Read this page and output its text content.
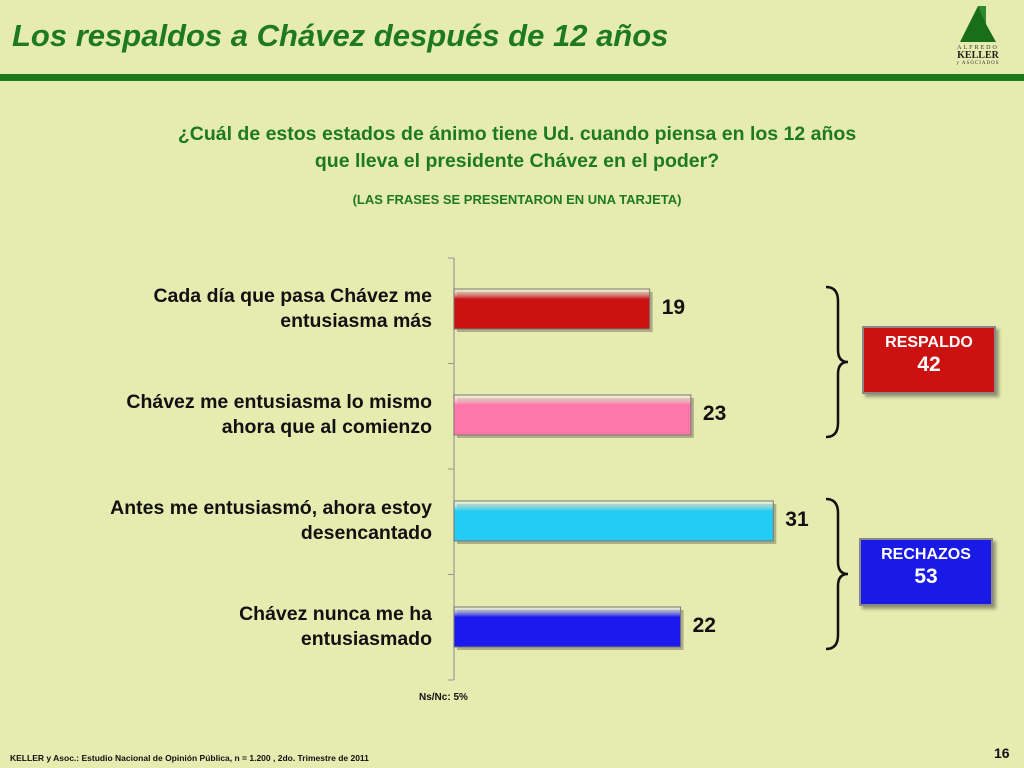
Los respaldos a Chávez después de 12 años	ALFREDO
KELLER
y ASOCIADOS
¿Cuál de estos estados de ánimo tiene Ud. cuando piensa en los 12 años
que lleva el presidente Chávez en el poder?
(LAS FRASES SE PRESENTARON EN UNA TARJETA)
Cada día que pasa Chávez me
entusiasma más
19
Chávez me entusiasma lo mismo
ahora que al comienzo
23
Antes me entusiasmó, ahora estoy
desencantado
31
Chávez nunca me ha
entusiasmado
22
RESPALDO
42
RECHAZOS
53
Ns/Nc: 5%
KELLER y Asoc.: Estudio Nacional de Opinión Pública, n = 1.200 , 2do. Trimestre de 2011	16
